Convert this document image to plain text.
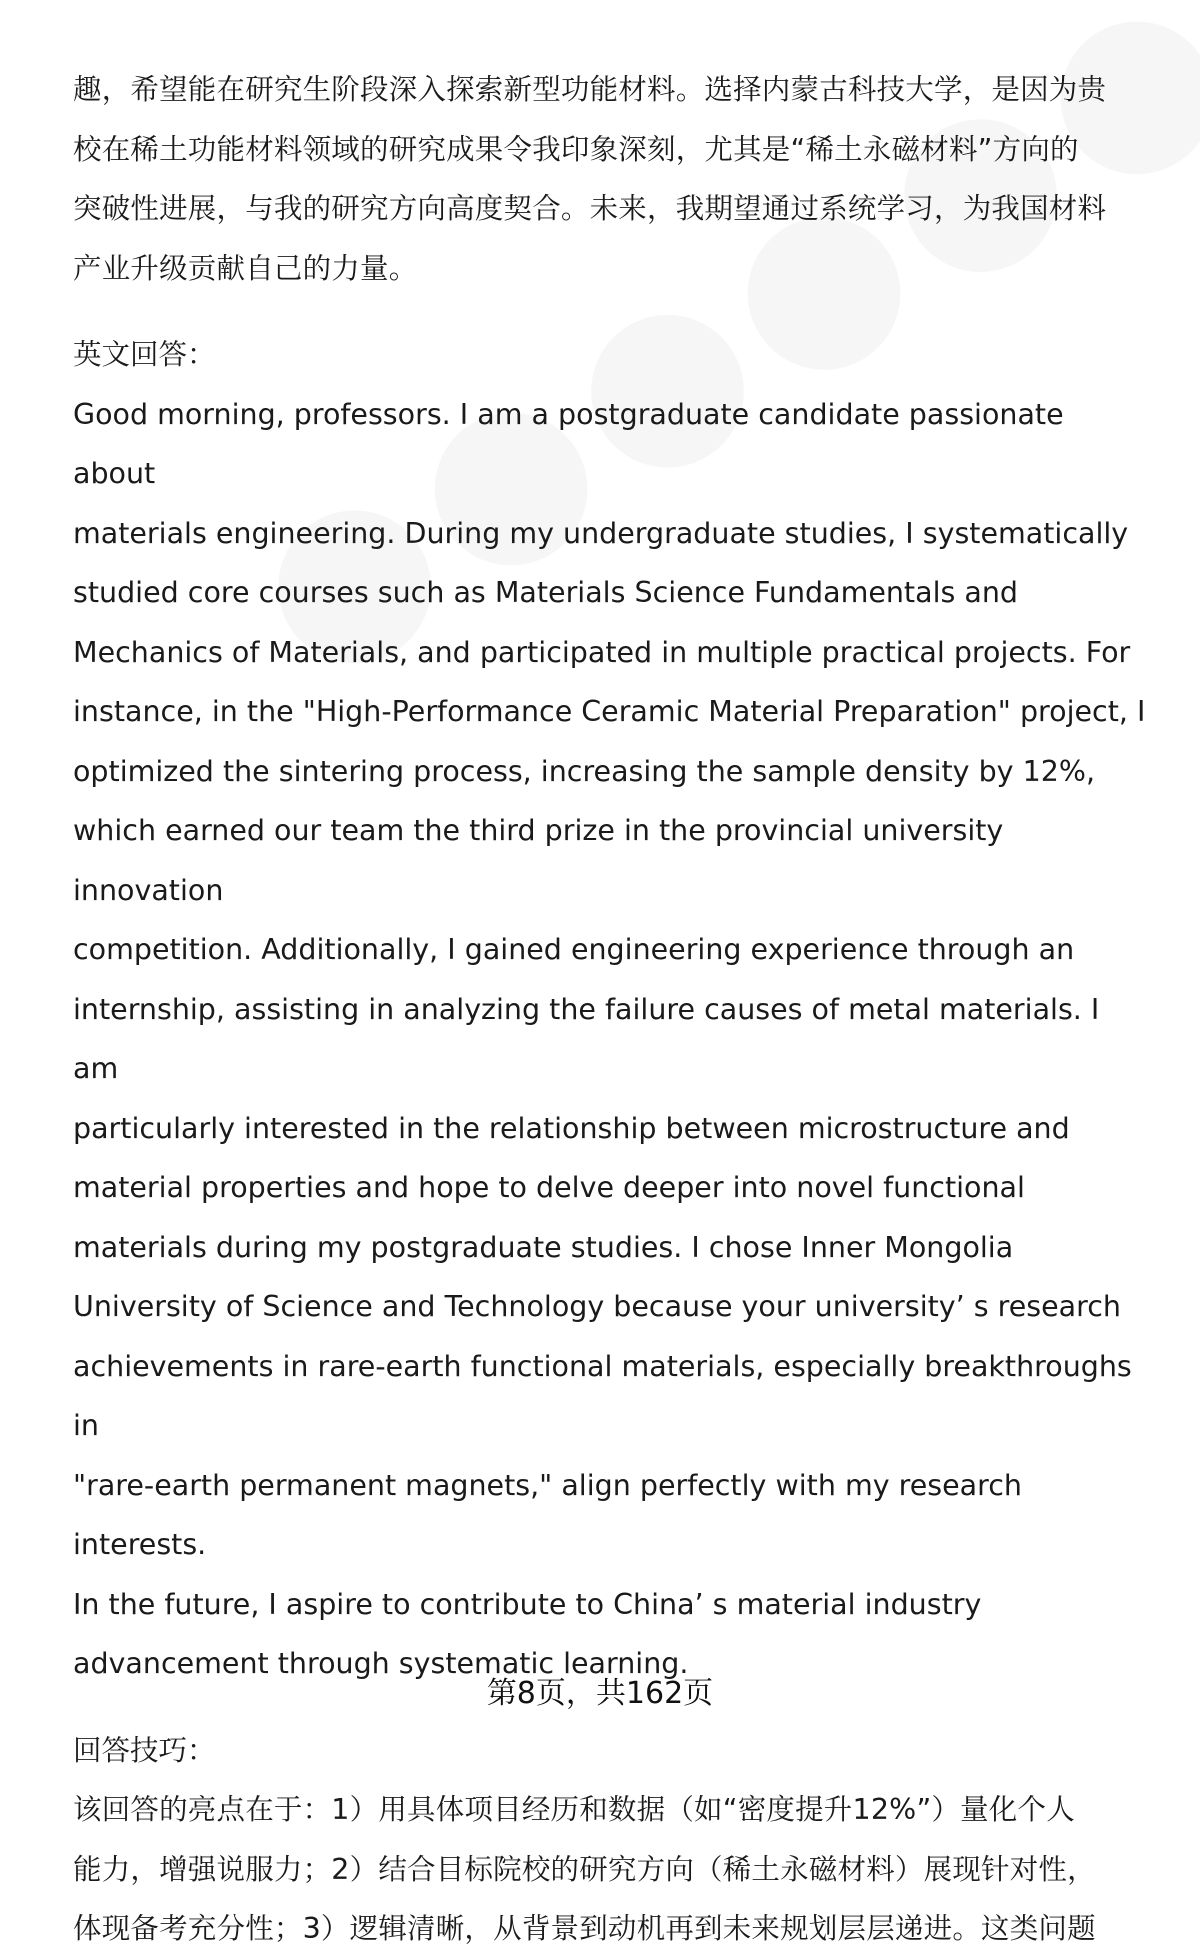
趣，希望能在研究生阶段深入探索新型功能材料。选择内蒙古科技大学，是因为贵

校在稀土功能材料领域的研究成果令我印象深刻，尤其是“稀土永磁材料”方向的

突破性进展，与我的研究方向高度契合。未来，我期望通过系统学习，为我国材料

产业升级贡献自己的力量。

英文回答：

Good morning, professors. I am a postgraduate candidate passionate about

materials engineering. During my undergraduate studies, I systematically

studied core courses such as Materials Science Fundamentals and

Mechanics of Materials, and participated in multiple practical projects. For

instance, in the "High-Performance Ceramic Material Preparation" project, I

optimized the sintering process, increasing the sample density by 12%,

which earned our team the third prize in the provincial university innovation

competition. Additionally, I gained engineering experience through an

internship, assisting in analyzing the failure causes of metal materials. I am

particularly interested in the relationship between microstructure and

material properties and hope to delve deeper into novel functional

materials during my postgraduate studies. I chose Inner Mongolia

University of Science and Technology because your university’ s research

achievements in rare-earth functional materials, especially breakthroughs in

"rare-earth permanent magnets," align perfectly with my research interests.

In the future, I aspire to contribute to China’ s material industry

advancement through systematic learning.

回答技巧：

该回答的亮点在于：1）用具体项目经历和数据（如“密度提升12%”）量化个人

能力，增强说服力；2）结合目标院校的研究方向（稀土永磁材料）展现针对性，

体现备考充分性；3）逻辑清晰，从背景到动机再到未来规划层层递进。这类问题

第8页，共162页
